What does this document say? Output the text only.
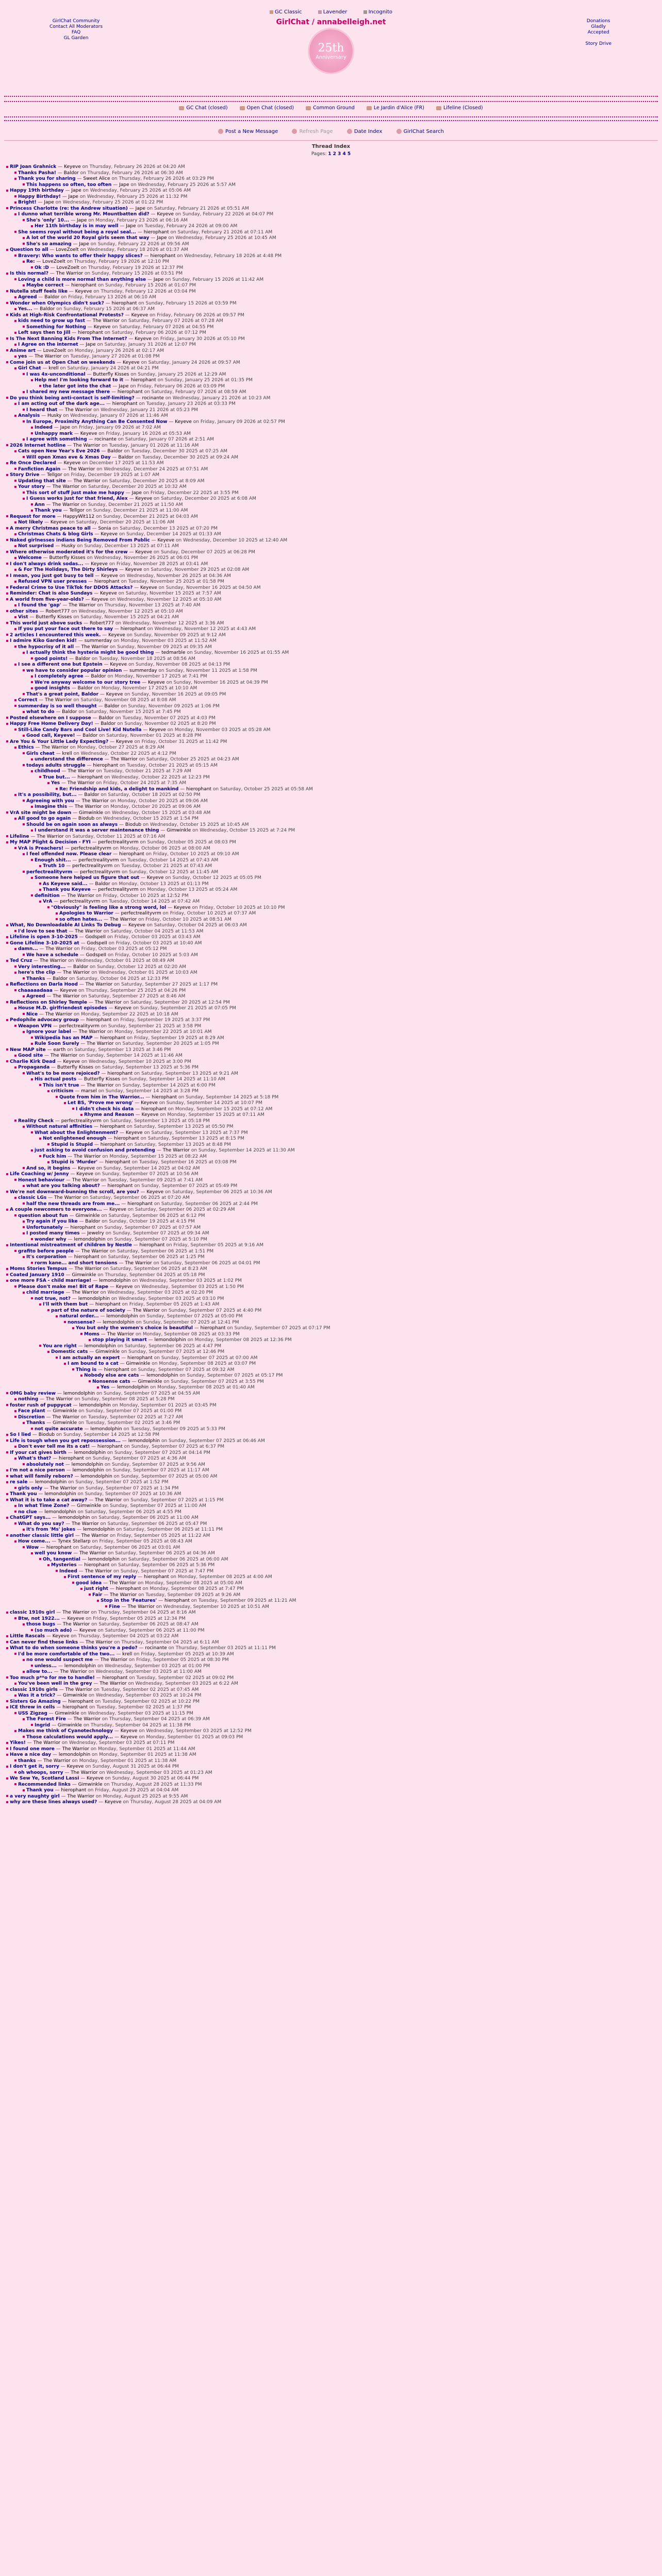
GirlChat Community
Contact All Moderators
FAQ
GL Garden
GC Classic	Lavender	Incognito
GirlChat / annabelleigh.net
25th
Anniversary
Donations
Gladly
Accepted
Story Drive
GC Chat (closed)	Open Chat (closed)	Common Ground	Le Jardin d'Alice (FR)	Lifeline (Closed)
Post a New Message	Refresh Page	Date Index	GirlChat Search
Thread Index
Pages: 1 2 3 4 5
RIP Joan Grahnick — Keyeve on Thursday, February 26 2026 at 04:20 AM
Thanks Pasha! — Baldor on Thursday, February 26 2026 at 06:30 AM
Thank you for sharing — Sweet Alice on Thursday, February 26 2026 at 03:29 PM
This happens so often, too often — Jape on Wednesday, February 25 2026 at 5:57 AM
Happy 19th birthday — Jape on Wednesday, February 25 2026 at 05:06 AM
Happy Birthday! — Jape on Wednesday, February 25 2026 at 11:32 PM
Bright! — Jape on Wednesday, February 25 2026 at 01:22 PM
Princess Charlotte (re: the Andrew situation) — Jape on Saturday, February 21 2026 at 05:51 AM
I dunno what terrible wrong Mr. Mountbatten did? — Keyeve on Sunday, February 22 2026 at 04:07 PM
She's 'only' 10... — Jape on Monday, February 23 2026 at 06:16 AM
Her 11th birthday is in may well — Jape on Tuesday, February 24 2026 at 09:00 AM
She seems royal without being a royal seal... — hierophant on Saturday, February 21 2026 at 07:11 AM
A lot of the world 20 Royal girls seem that way — Jape on Wednesday, February 25 2026 at 10:45 AM
She's so amazing — Jape on Sunday, February 22 2026 at 09:56 AM
Question to all — LoveZoelt on Wednesday, February 18 2026 at 01:37 AM
Bravery: Who wants to offer their happy slices? — hierophant on Wednesday, February 18 2026 at 4:48 PM
Re: — LoveZoelt on Thursday, February 19 2026 at 12:10 PM
Ok :D — LoveZoelt on Thursday, February 19 2026 at 12:37 PM
Is this normal? — The Warrior on Sunday, February 15 2026 at 03:51 PM
Loving a child is more normal than anything else — Jape on Sunday, February 15 2026 at 11:42 AM
Maybe correct — hierophant on Sunday, February 15 2026 at 01:07 PM
Nutella stuff feels like — Keyeve on Thursday, February 12 2026 at 03:04 PM
Agreed — Baldor on Friday, February 13 2026 at 06:10 AM
Wonder when Olympics didn't suck? — hierophant on Sunday, February 15 2026 at 03:59 PM
Yes... — Baldor on Sunday, February 15 2026 at 06:37 AM
Kids at High-Risk Confrontational Protests? — Keyeve on Friday, February 06 2026 at 09:57 PM
kids need to grow up fast — The Warrior on Saturday, February 07 2026 at 07:28 AM
Something for Nothing — Keyeve on Saturday, February 07 2026 at 04:55 PM
Left says then to Jill — hierophant on Saturday, February 06 2026 at 07:12 PM
Is The Next Banning Kids From The Internet? — Keyeve on Friday, January 30 2026 at 05:10 PM
I Agree on the internet — Jape on Saturday, January 31 2026 at 12:07 PM
Anime art — LoveZoelt on Monday, January 26 2026 at 02:17 AM
yes — The Warrior on Tuesday, January 27 2026 at 01:08 PM
Come join us at Open Chat on weekends — Keyeve on Saturday, January 24 2026 at 09:57 AM
Girl Chat — krell on Saturday, January 24 2026 at 04:21 PM
I was 4x-unconditional — Butterfly Kisses on Sunday, January 25 2026 at 12:29 AM
Help me! I'm looking forward to it — hierophant on Sunday, January 25 2026 at 01:35 PM
the later got into the chat — Jape on Friday, February 06 2026 at 03:09 PM
I shared my new message there — hierophant on Saturday, February 07 2026 at 08:59 AM
Do you think being anti-contact is self-limiting? — rocinante on Wednesday, January 21 2026 at 10:23 AM
I am acting out of the dark age... — hierophant on Tuesday, January 23 2026 at 03:33 PM
I heard that — The Warrior on Wednesday, January 21 2026 at 05:23 PM
Analysis — Husky on Wednesday, January 07 2026 at 11:46 AM
In Europe, Proximity Anything Can Be Consented Now — Keyeve on Friday, January 09 2026 at 02:57 PM
Indeed — Jape on Friday, January 09 2026 at 7:02 AM
Unhappy mark — Keyeve on Friday, January 16 2026 at 05:53 AM
I agree with something — rocinante on Saturday, January 07 2026 at 2:51 AM
2026 Internet hotline — The Warrior on Tuesday, January 01 2026 at 11:16 AM
Cats open New Year's Eve 2026 — Baldor on Tuesday, December 30 2025 at 07:25 AM
Will open Xmas eve & Xmas Day — Baldor on Tuesday, December 30 2025 at 09:24 AM
Re Once Declared — Keyeve on December 17 2025 at 11:53 AM
Fanfiction Again — The Warrior on Wednesday, December 24 2025 at 07:51 AM
Story Drive — Tellgor on Friday, December 19 2025 at 1:07 AM
Updating that site — The Warrior on Saturday, December 20 2025 at 8:09 AM
Your story — The Warrior on Saturday, December 20 2025 at 10:32 AM
This sort of stuff just make me happy — Jape on Friday, December 22 2025 at 3:55 PM
I Guess works just for that friend, Alex — Keyeve on Saturday, December 20 2025 at 6:08 AM
Ann — The Warrior on Sunday, December 21 2025 at 11:50 AM
Thank you — Tellgor on Sunday, December 21 2025 at 11:00 AM
Request for more — HappyWit112 on Sunday, December 21 2025 at 04:03 AM
Not likely — Keyeve on Saturday, December 20 2025 at 11:06 AM
A merry Christmas peace to all — Sonia on Saturday, December 13 2025 at 07:20 PM
Christmas Chats & blog Girls — Keyeve on Sunday, December 14 2025 at 01:33 AM
Naked girlnesses indians Being Removed From Public — Keyeve on Wednesday, December 10 2025 at 12:40 AM
Not surprised — Husky on Sunday, December 13 2025 at 07:11 AM
Where otherwise moderated it's for the crew — Keyeve on Sunday, December 07 2025 at 06:28 PM
Welcome — Butterfly Kisses on Wednesday, November 26 2025 at 06:01 PM
I don't always drink sodas... — Keyeve on Friday, November 28 2025 at 03:41 AM
& For The Holidays, The Dirty Shirleys — Keyeve on Saturday, November 29 2025 at 02:08 AM
I mean, you just got busy to tell — Keyeve on Wednesday, November 26 2025 at 04:36 AM
Refused VPN user presses — hierophant on Tuesday, November 25 2025 at 01:58 PM
Federal Crime to Use TikTok for DDOS Attacks? — Keyeve on Sunday, November 16 2025 at 04:50 AM
Reminder: Chat is also Sundays — Keyeve on Saturday, November 15 2025 at 7:57 AM
A world from five-year-olds? — Keyeve on Wednesday, November 12 2025 at 05:10 AM
I found the 'gap' — The Warrior on Thursday, November 13 2025 at 7:40 AM
other sites — Robert777 on Wednesday, November 12 2025 at 05:10 AM
Vist — Butterfly Kisses on Saturday, November 15 2025 at 04:21 AM
This world just above sucks — Robert777 on Wednesday, November 12 2025 at 3:36 AM
If you put your face out there to say — hierophant on Wednesday, November 12 2025 at 4:43 AM
2 articles I encountered this week. — Keyeve on Sunday, November 09 2025 at 9:12 AM
I admire Kiko Garden kid! — summerday on Monday, November 03 2025 at 11:52 AM
the hypocrisy of it all — The Warrior on Sunday, November 09 2025 at 09:35 AM
I actually think the hysteria might be good thing — tedmarble on Sunday, November 16 2025 at 01:55 AM
good points! — Baldor on Tuesday, November 18 2025 at 08:56 AM
I see a different one but Epstein — Keyeve on Sunday, November 08 2025 at 04:13 PM
we have to consider popular opinion — summerday on Sunday, November 11 2025 at 1:58 PM
I completely agree — Baldor on Monday, November 17 2025 at 7:41 PM
We're anyway welcome to our story tree — Keyeve on Sunday, November 16 2025 at 04:39 PM
good insights — Baldor on Monday, November 17 2025 at 10:10 AM
That's a great point, Baldor — Keyeve on Sunday, November 16 2025 at 09:05 PM
Correct — The Warrior on Saturday, November 08 2025 at 8:08 AM
summerday is so well thought — Baldor on Sunday, November 09 2025 at 1:06 PM
what to do — Baldor on Saturday, November 15 2025 at 7:45 PM
Posted elsewhere on I suppose — Baldor on Tuesday, November 07 2025 at 4:03 PM
Happy Free Home Delivery Day! — Baldor on Sunday, November 02 2025 at 8:20 PM
Still-Like Candy Bars and Cool Live! Kid Nutella — Keyeve on Monday, November 03 2025 at 05:28 AM
Good call, Keyeve! — Baldor on Saturday, November 01 2025 at 8:28 PM
Are You & Your Little Lady Expecting? — Keyeve on Friday, October 31 2025 at 11:42 PM
Ethics — The Warrior on Monday, October 27 2025 at 8:29 AM
Girls cheat — krell on Wednesday, October 22 2025 at 4:12 PM
understand the difference — The Warrior on Saturday, October 25 2025 at 04:23 AM
todays adults struggle — hierophant on Tuesday, October 21 2025 at 05:15 AM
childhood — The Warrior on Tuesday, October 21 2025 at 7:29 AM
True but... — hierophant on Wednesday, October 22 2025 at 12:23 PM
Yes — The Warrior on Friday, October 24 2025 at 7:35 AM
Re: Friendship and kids, a delight to mankind — hierophant on Saturday, October 25 2025 at 05:58 AM
It's a possibility, but... — Baldor on Saturday, October 18 2025 at 02:50 PM
Agreeing with you — The Warrior on Monday, October 20 2025 at 09:06 AM
Imagine this — The Warrior on Monday, October 20 2025 at 09:06 AM
VrA site might be down — Gimwinkle on Wednesday, October 15 2025 at 03:48 AM
All good to go again — Biodub on Wednesday, October 15 2025 at 1:54 PM
Should be on again soon as always — Biodub on Wednesday, October 15 2025 at 10:45 AM
I understand it was a server maintenance thing — Gimwinkle on Wednesday, October 15 2025 at 7:24 PM
Lifeline — The Warrior on Saturday, October 11 2025 at 07:16 AM
My MAP Plight & Decision - FYI — perfectrealityvrm on Sunday, October 05 2025 at 08:03 PM
VrA is Preachers! — perfectrealityvrm on Monday, October 06 2025 at 08:00 AM
I feel offended now. Please clear — hierophant on Friday, October 10 2025 at 09:10 AM
Enough shit... — perfectrealityvrm on Tuesday, October 14 2025 at 07:43 AM
Truth 10 — perfectrealityvrm on Tuesday, October 21 2025 at 07:43 AM
perfectrealityvrm — perfectrealityvrm on Sunday, October 12 2025 at 11:45 AM
Someone here helped us figure that out — Keyeve on Sunday, October 12 2025 at 05:05 PM
As Keyeve said... — Baldor on Monday, October 13 2025 at 01:13 PM
Thank you Keyeve — perfectrealityvrm on Monday, October 13 2025 at 05:24 AM
definition — The Warrior on Friday, October 10 2025 at 12:52 PM
VrA — perfectrealityvrm on Tuesday, October 14 2025 at 07:42 AM
"Obviously" is feeling like a strong word, lol — Keyeve on Friday, October 10 2025 at 10:10 PM
Apologies to Warrior — perfectrealityvrm on Friday, October 10 2025 at 07:37 AM
so often hates... — The Warrior on Friday, October 10 2025 at 08:51 AM
What, No Downloadable AI Links To Debug — Keyeve on Saturday, October 04 2025 at 06:03 AM
I'd love to see that — The Warrior on Saturday, October 04 2025 at 11:53 AM
Lifeline is open 3-10-2025 — GodspeII on Friday, October 03 2025 at 03:43 AM
Gone Lifeline 3-10-2025 at — GodspeII on Friday, October 03 2025 at 10:40 AM
damn... — The Warrior on Friday, October 03 2025 at 05:12 PM
We have a schedule — GodspeII on Friday, October 10 2025 at 5:03 AM
Ted Cruz — The Warrior on Wednesday, October 01 2025 at 08:49 AM
Very interesting... — Baldor on Sunday, October 12 2025 at 02:20 AM
here's the clip — The Warrior on Wednesday, October 01 2025 at 10:03 AM
Thanks — Baldor on Saturday, October 04 2025 at 12:33 PM
Reflections on Darla Hood — The Warrior on Saturday, September 27 2025 at 1:17 PM
chaaaaadaaa — Keyeve on Thursday, September 25 2025 at 04:26 PM
Agreed — The Warrior on Saturday, September 27 2025 at 8:46 AM
Reflections on Shirley Temple — The Warrior on Saturday, September 20 2025 at 12:54 PM
House M.D. girlfriendest episodes — Keyeve on Sunday, September 21 2025 at 07:05 PM
Nice — The Warrior on Monday, September 22 2025 at 10:18 AM
Pedophile advocacy group — hierophant on Friday, September 19 2025 at 3:37 PM
Weapon VPN — perfectrealityvrm on Sunday, September 21 2025 at 3:58 PM
Ignore your label — The Warrior on Monday, September 22 2025 at 10:01 AM
Wikipedia has an MAP — hierophant on Friday, September 19 2025 at 8:29 AM
Rule Soon Surely — The Warrior on Saturday, September 20 2025 at 1:05 PM
New MAP site — earth on Saturday, September 13 2025 at 3:46 PM
Good site — The Warrior on Sunday, September 14 2025 at 11:46 AM
Charlie Kirk Dead — Keyeve on Wednesday, September 10 2025 at 3:00 PM
Propaganda — Butterfly Kisses on Saturday, September 13 2025 at 5:36 PM
What's to be more rejoiced? — hierophant on Saturday, September 13 2025 at 9:21 AM
His actual posts — Butterfly Kisses on Sunday, September 14 2025 at 11:10 AM
This isn't true — The Warrior on Sunday, September 14 2025 at 6:00 PM
criticism — marsel on Sunday, September 14 2025 at 3:28 PM
Quote from him in The Warrior... — hierophant on Sunday, September 14 2025 at 5:18 PM
Let BS, 'Prove me wrong' — Keyeve on Sunday, September 14 2025 at 10:07 PM
I didn't check his data — hierophant on Monday, September 15 2025 at 07:12 AM
Rhyme and Reason — Keyeve on Monday, September 15 2025 at 07:11 AM
Reality Check — perfectrealityvrm on Saturday, September 13 2025 at 05:18 PM
Without natural affinities — hierophant on Saturday, September 13 2025 at 05:50 PM
What about the Enlightenment? — Keyeve on Saturday, September 13 2025 at 7:37 PM
Not enlightened enough — hierophant on Saturday, September 13 2025 at 8:15 PM
Stupid is Stupid — hierophant on Saturday, September 13 2025 at 8:48 PM
just asking to avoid confusion and pretending — The Warrior on Sunday, September 14 2025 at 11:30 AM
Fuck him — The Warrior on Monday, September 15 2025 at 08:22 AM
Stupid is 'Murder' — hierophant on Tuesday, September 16 2025 at 03:08 PM
And so, it begins — Keyeve on Sunday, September 14 2025 at 04:02 AM
Life Coaching w/ Jenny — Keyeve on Sunday, September 07 2025 at 10:56 AM
Honest behaviour — The Warrior on Tuesday, September 09 2025 at 7:41 AM
what are you talking about? — hierophant on Sunday, September 07 2025 at 05:49 PM
We're not downward-bunning the scroll, are you? — Keyeve on Saturday, September 06 2025 at 10:36 AM
classic LGs — The Warrior on Saturday, September 06 2025 at 07:20 AM
half the new threads are from me... — hierophant on Saturday, September 06 2025 at 2:44 PM
A couple newcomers to everyone... — Keyeve on Saturday, September 06 2025 at 02:29 AM
question about fun — Gimwinkle on Saturday, September 06 2025 at 6:12 PM
Try again if you like — Baldor on Sunday, October 19 2025 at 4:15 PM
Unfortunately — hierophant on Sunday, September 07 2025 at 07:57 AM
I posted many times — Jewelry on Sunday, September 07 2025 at 09:34 AM
wonder why — lemondolphin on Sunday, September 07 2025 at 5:10 PM
Intentional mistreatment of children by Nestle — hierophant on Friday, September 05 2025 at 9:16 AM
grafito before people — The Warrior on Saturday, September 06 2025 at 1:51 PM
It's corporation — hierophant on Saturday, September 06 2025 at 1:25 PM
rorm kane... and short tensions — The Warrior on Saturday, September 06 2025 at 04:01 PM
Moms Stories Tempus — The Warrior on Saturday, September 06 2025 at 8:23 AM
Coated January 1910 — Gimwinkle on Thursday, September 04 2025 at 05:18 PM
one more FSA - child marriage! — lemondolphin on Wednesday, September 03 2025 at 1:02 PM
Please don't make me! Bit of Rape — Keyeve on Wednesday, September 03 2025 at 1:50 PM
child marriage — The Warrior on Wednesday, September 03 2025 at 02:20 PM
not true, not? — lemondolphin on Wednesday, September 03 2025 at 03:10 PM
I'll with them but — hierophant on Friday, September 05 2025 at 1:43 AM
part of the nature of society — The Warrior on Sunday, September 07 2025 at 4:40 PM
natural order... — lemondolphin on Sunday, September 07 2025 at 05:00 PM
nonsense? — lemondolphin on Sunday, September 07 2025 at 12:41 PM
You but only the women's choice is beautiful — hierophant on Sunday, September 07 2025 at 07:17 PM
Moms — The Warrior on Monday, September 08 2025 at 03:33 PM
stop playing it smart — lemondolphin on Monday, September 08 2025 at 12:36 PM
You are right — lemondolphin on Saturday, September 06 2025 at 4:47 PM
Domestic cats — Gimwinkle on Sunday, September 07 2025 at 12:46 PM
I am actually an expert — hierophant on Sunday, September 07 2025 at 07:00 AM
I am bound to a cat — Gimwinkle on Monday, September 08 2025 at 03:07 PM
Thing is — hierophant on Sunday, September 07 2025 at 09:32 AM
Nobody else are cats — lemondolphin on Sunday, September 07 2025 at 05:17 PM
Nonsense cats — Gimwinkle on Sunday, September 07 2025 at 3:55 PM
Yes — lemondolphin on Monday, September 08 2025 at 01:40 AM
OMG baby review — lemondolphin on Sunday, September 07 2025 at 04:55 AM
nothing — The Warrior on Sunday, September 08 2025 at 5:28 PM
foster rush of puppycat — lemondolphin on Monday, September 01 2025 at 03:45 PM
Face plant — Gimwinkle on Sunday, September 07 2025 at 01:00 PM
Discretion — The Warrior on Tuesday, September 02 2025 at 7:27 AM
Thanks — Gimwinkle on Tuesday, September 02 2025 at 3:46 PM
not quite accurate — lemondolphin on Tuesday, September 09 2025 at 5:33 PM
So I lied — Biodub on Sunday, September 14 2025 at 12:58 PM
Life is tough when you get repossession... — lemondolphin on Sunday, September 07 2025 at 06:46 AM
Don't ever tell me its a cat! — hierophant on Sunday, September 07 2025 at 6:37 PM
If your cat gives birth — lemondolphin on Sunday, September 07 2025 at 04:14 PM
What's that? — hierophant on Sunday, September 07 2025 at 4:36 AM
absolutely not — lemondolphin on Sunday, September 07 2025 at 9:56 AM
I'm not a nice person — lemondolphin on Sunday, September 07 2025 at 11:17 AM
what will family reborn? — lemondolphin on Sunday, September 07 2025 at 05:00 AM
re sale — lemondolphin on Sunday, September 07 2025 at 1:52 PM
girls only — The Warrior on Sunday, September 07 2025 at 1:34 PM
Thank you — lemondolphin on Sunday, September 07 2025 at 10:36 AM
What it is to take a cat away? — The Warrior on Sunday, September 07 2025 at 1:15 PM
In what Time Zone? — Gimwinkle on Sunday, September 07 2025 at 11:00 AM
no clue — lemondolphin on Saturday, September 06 2025 at 4:55 PM
ChatGPT says... — lemondolphin on Saturday, September 06 2025 at 11:00 AM
What do you say? — The Warrior on Saturday, September 06 2025 at 05:47 PM
it's from 'Ms' jokes — lemondolphin on Saturday, September 06 2025 at 11:11 PM
another classic little girl — The Warrior on Friday, September 05 2025 at 11:22 AM
How come... — Tynex Stellarp on Friday, September 05 2025 at 08:43 AM
Wow — hierophant on Saturday, September 06 2025 at 03:01 AM
well you know — The Warrior on Saturday, September 06 2025 at 04:36 AM
Oh, tangential — lemondolphin on Saturday, September 06 2025 at 06:00 AM
Mysteries — hierophant on Saturday, September 06 2025 at 5:36 PM
Indeed — The Warrior on Sunday, September 07 2025 at 7:47 PM
First sentence of my reply — hierophant on Monday, September 08 2025 at 4:00 AM
good idea — The Warrior on Monday, September 08 2025 at 05:00 AM
just right — hierophant on Monday, September 08 2025 at 7:47 PM
Fair — The Warrior on Tuesday, September 09 2025 at 9:26 AM
Stop in the 'Features' — hierophant on Tuesday, September 09 2025 at 11:21 AM
Fine — The Warrior on Wednesday, September 10 2025 at 10:51 AM
classic 1910s girl — The Warrior on Thursday, September 04 2025 at 8:16 AM
Btw, not 1922... — Keyeve on Friday, September 05 2025 at 12:34 PM
those bugs — The Warrior on Saturday, September 06 2025 at 08:47 AM
(so much ado) — Keyeve on Saturday, September 06 2025 at 11:00 PM
Little Rascals — Keyeve on Thursday, September 04 2025 at 03:22 AM
Can never find these links — The Warrior on Thursday, September 04 2025 at 6:11 AM
What to do when someone thinks you're a pedo? — rocinante on Thursday, September 03 2025 at 11:11 PM
I'd be more comfortable of the two... — krell on Friday, September 05 2025 at 10:39 AM
no one would suspect me — The Warrior on Friday, September 05 2025 at 08:30 PM
unless... — lemondolphin on Wednesday, September 03 2025 at 01:00 PM
allow to... — The Warrior on Wednesday, September 03 2025 at 11:00 AM
Too much p**o for me to handle! — hierophant on Tuesday, September 02 2025 at 09:02 PM
You've been well in the grey — The Warrior on Wednesday, September 03 2025 at 6:22 AM
classic 1910s girls — The Warrior on Tuesday, September 02 2025 at 07:45 AM
Was it a trick? — Gimwinkle on Wednesday, September 03 2025 at 10:24 PM
Sisters Go Amazing — hierophant on Tuesday, September 02 2025 at 10:22 PM
ICE threw in cells — hierophant on Tuesday, September 02 2025 at 1:37 PM
USS Zigzag — Gimwinkle on Wednesday, September 03 2025 at 11:15 PM
The Forest Fire — The Warrior on Thursday, September 04 2025 at 06:39 AM
Ingrid — Gimwinkle on Thursday, September 04 2025 at 11:38 PM
Makes me think of Cyanotechnology — Keyeve on Wednesday, September 03 2025 at 12:52 PM
Those calculations would apply... — Keyeve on Monday, September 01 2025 at 09:03 PM
Yikes! — The Warrior on Wednesday, September 03 2025 at 07:11 PM
I found one more — The Warrior on Monday, September 01 2025 at 11:44 AM
Have a nice day — lemondolphin on Monday, September 01 2025 at 11:38 AM
thanks — The Warrior on Monday, September 01 2025 at 11:38 AM
I don't get it, sorry — Keyeve on Sunday, August 31 2025 at 06:44 PM
oh whoops, sorry — The Warrior on Wednesday, September 03 2025 at 01:23 AM
We Sew Ye, Scotland Lassi — Keyeve on Sunday, August 30 2025 at 06:44 PM
Recommended links — Gimwinkle on Thursday, August 28 2025 at 11:33 PM
Thank you — hierophant on Friday, August 29 2025 at 04:04 AM
a very naughty girl — The Warrior on Monday, August 25 2025 at 9:55 AM
why are these lines always used? — Keyeve on Thursday, August 28 2025 at 04:09 AM
